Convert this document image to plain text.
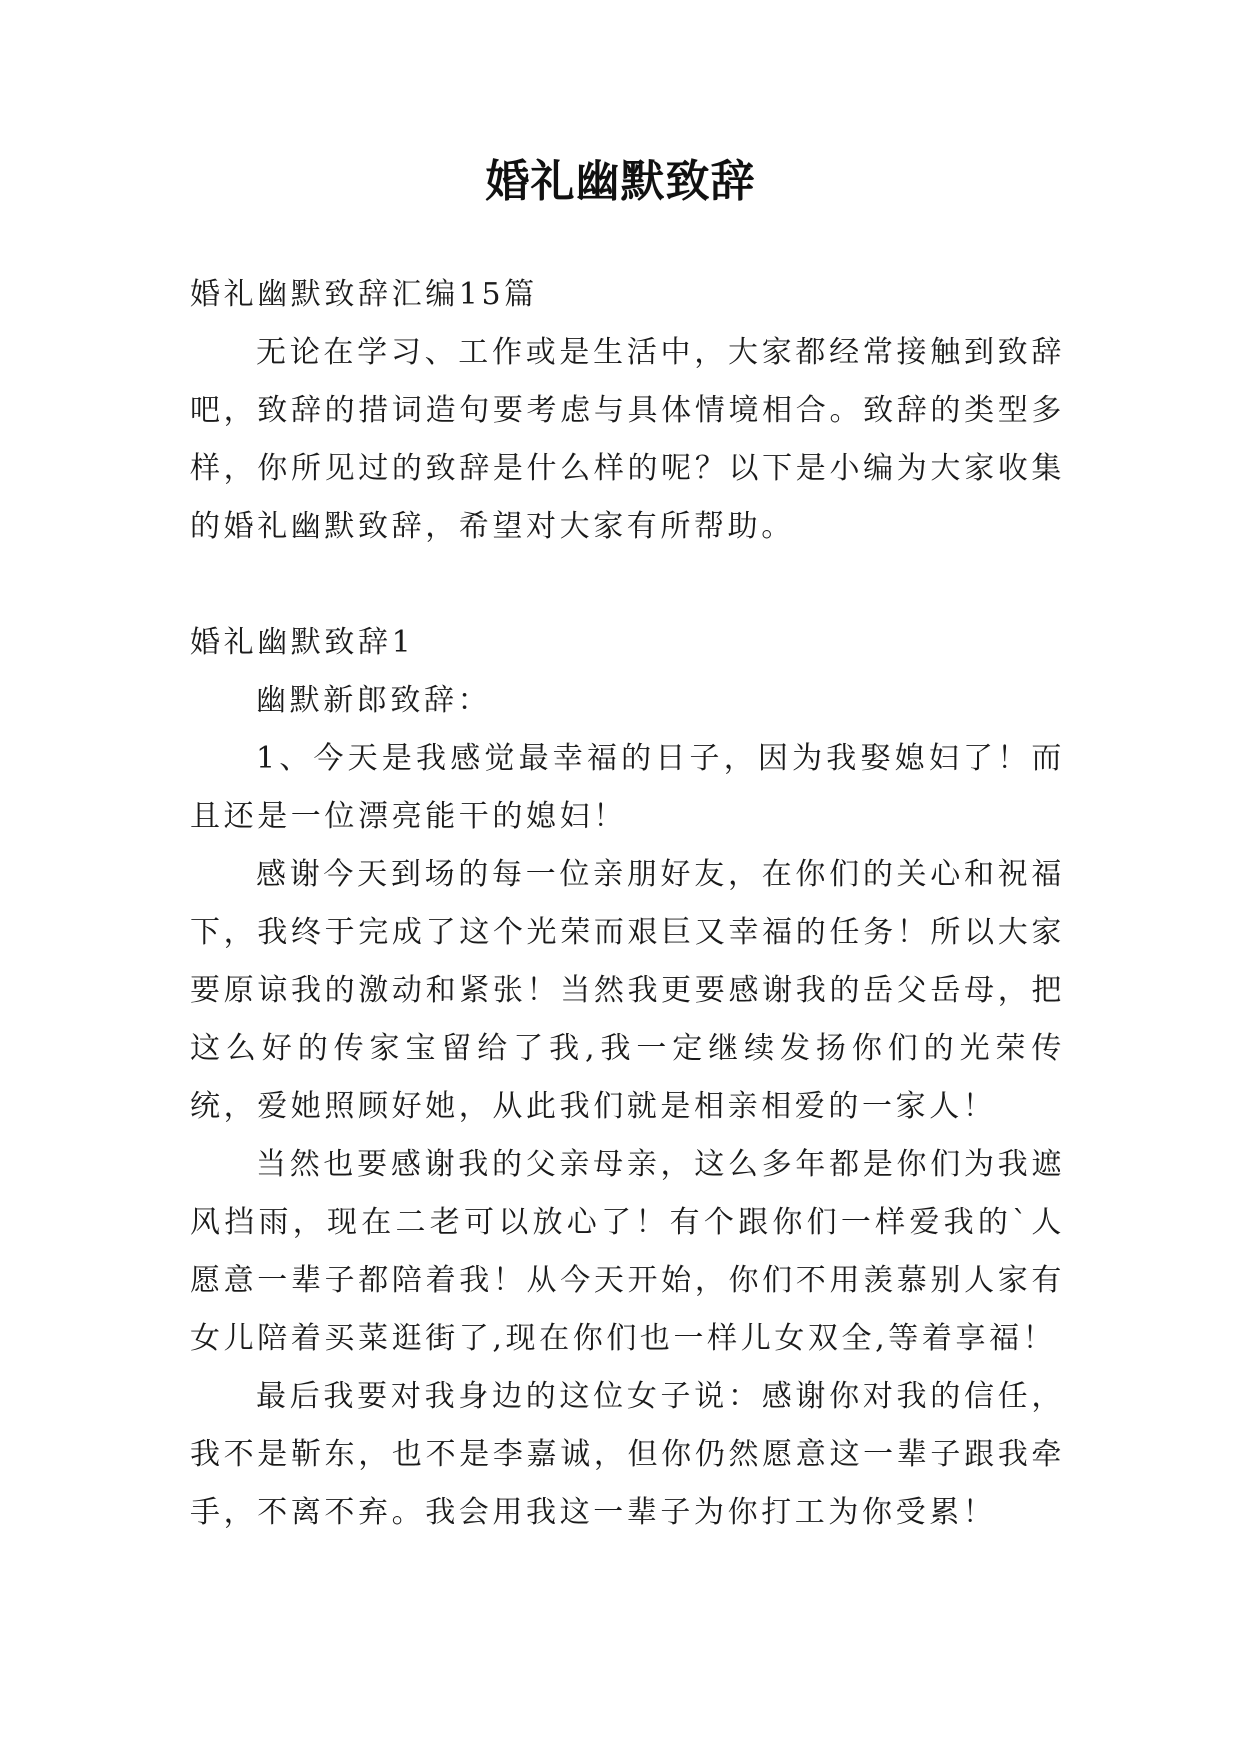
婚礼幽默致辞

婚礼幽默致辞汇编15篇

无论在学习、工作或是生活中，大家都经常接触到致辞吧，致辞的措词造句要考虑与具体情境相合。致辞的类型多样，你所见过的致辞是什么样的呢？以下是小编为大家收集的婚礼幽默致辞，希望对大家有所帮助。

婚礼幽默致辞1

幽默新郎致辞：

1、今天是我感觉最幸福的日子，因为我娶媳妇了！而且还是一位漂亮能干的媳妇！

感谢今天到场的每一位亲朋好友，在你们的关心和祝福下，我终于完成了这个光荣而艰巨又幸福的任务！所以大家要原谅我的激动和紧张！当然我更要感谢我的岳父岳母，把这么好的传家宝留给了我,我一定继续发扬你们的光荣传统，爱她照顾好她，从此我们就是相亲相爱的一家人！

当然也要感谢我的父亲母亲，这么多年都是你们为我遮风挡雨，现在二老可以放心了！有个跟你们一样爱我的`人愿意一辈子都陪着我！从今天开始，你们不用羡慕别人家有女儿陪着买菜逛街了,现在你们也一样儿女双全,等着享福！

最后我要对我身边的这位女子说：感谢你对我的信任，我不是靳东，也不是李嘉诚，但你仍然愿意这一辈子跟我牵手，不离不弃。我会用我这一辈子为你打工为你受累！
